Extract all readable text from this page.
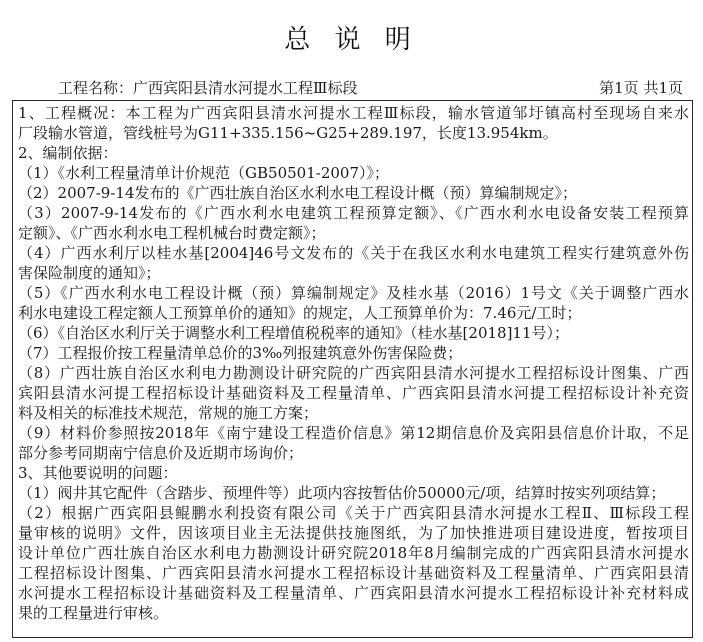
总 说 明
工程名称：广西宾阳县清水河提水工程Ⅲ标段	第1页 共1页
1、工程概况：本工程为广西宾阳县清水河提水工程Ⅲ标段，输水管道邹圩镇高村至现场自来水
厂段输水管道，管线桩号为G11+335.156~G25+289.197，长度13.954km。
2、编制依据：
（1）《水利工程量清单计价规范（GB50501-2007）》；
（2）2007-9-14发布的《广西壮族自治区水利水电工程设计概（预）算编制规定》；
（3）2007-9-14发布的《广西水利水电建筑工程预算定额》、《广西水利水电设备安装工程预算
定额》、《广西水利水电工程机械台时费定额》；
（4）广西水利厅以桂水基[2004]46号文发布的《关于在我区水利水电建筑工程实行建筑意外伤
害保险制度的通知》；
（5）《广西水利水电工程设计概（预）算编制规定》及桂水基（2016）1号文《关于调整广西水
利水电建设工程定额人工预算单价的通知》的规定，人工预算单价为：7.46元/工时；
（6）《自治区水利厅关于调整水利工程增值税税率的通知》（桂水基[2018]11号）；
（7）工程报价按工程量清单总价的3‰列报建筑意外伤害保险费；
（8）广西壮族自治区水利电力勘测设计研究院的广西宾阳县清水河提水工程招标设计图集、广西
宾阳县清水河提工程招标设计基础资料及工程量清单、广西宾阳县清水河提工程招标设计补充资
料及相关的标准技术规范，常规的施工方案；
（9）材料价参照按2018年《南宁建设工程造价信息》第12期信息价及宾阳县信息价计取，不足
部分参考同期南宁信息价及近期市场询价；
3、其他要说明的问题：
（1）阀井其它配件（含踏步、预埋件等）此项内容按暂估价50000元/项，结算时按实列项结算；
（2）根据广西宾阳县鲲鹏水利投资有限公司《关于广西宾阳县清水河提水工程Ⅱ、Ⅲ标段工程
量审核的说明》文件，因该项目业主无法提供技施图纸，为了加快推进项目建设进度，暂按项目
设计单位广西壮族自治区水利电力勘测设计研究院2018年8月编制完成的广西宾阳县清水河提水
工程招标设计图集、广西宾阳县清水河提水工程招标设计基础资料及工程量清单、广西宾阳县清
水河提水工程招标设计基础资料及工程量清单、广西宾阳县清水河提水工程招标设计补充材料成
果的工程量进行审核。
